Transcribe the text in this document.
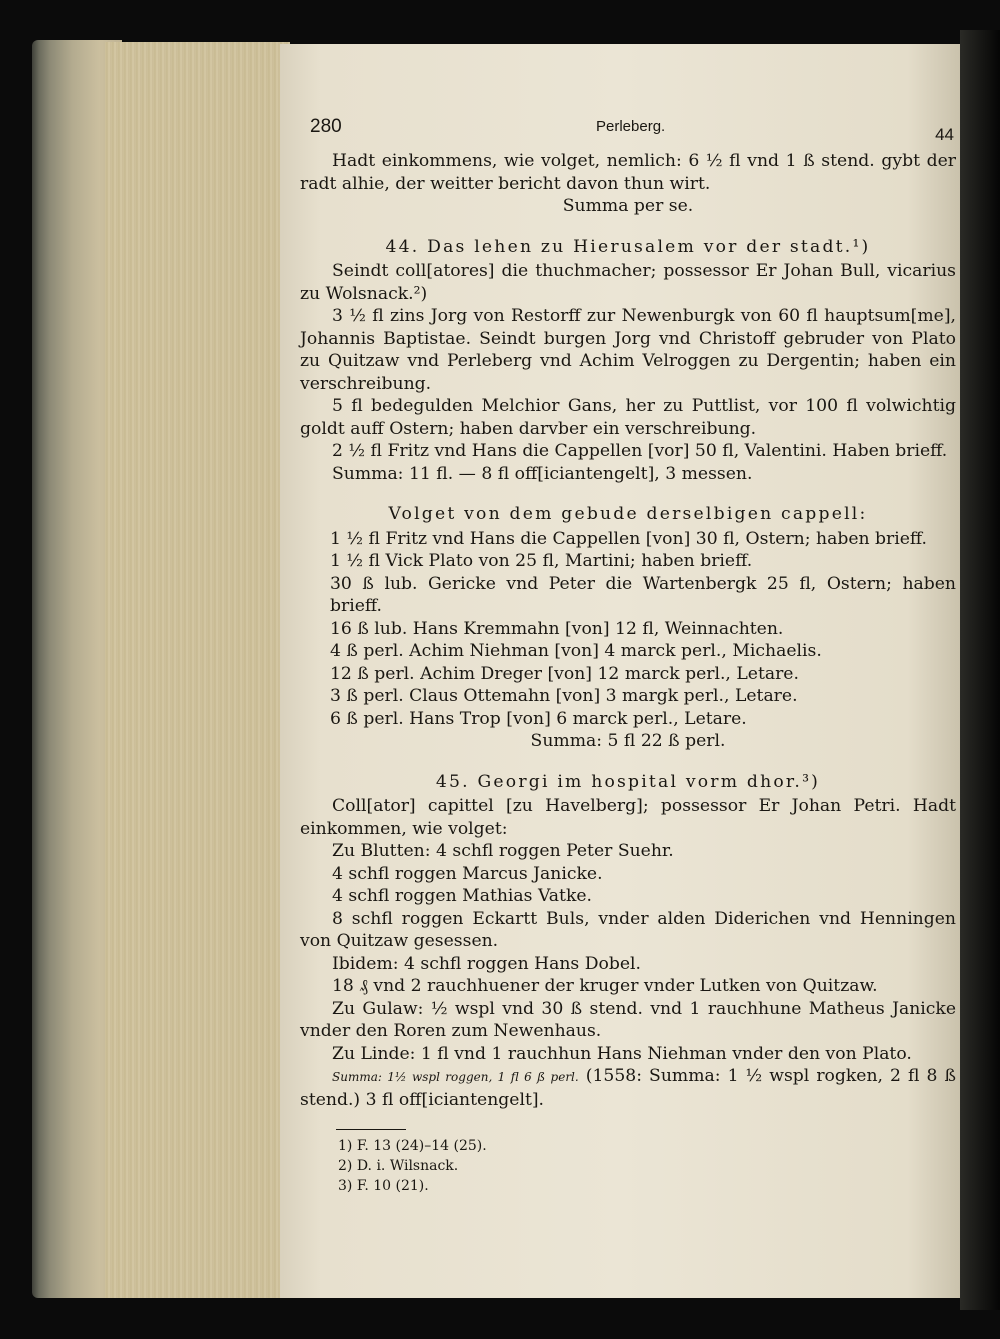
280	Perleberg.	44

Hadt einkommens, wie volget, nemlich: 6 ½ fl vnd 1 ß stend. gybt der radt alhie, der weitter bericht davon thun wirt.

Summa per se.

44. Das lehen zu Hierusalem vor der stadt.¹)

Seindt coll[atores] die thuchmacher; possessor Er Johan Bull, vicarius zu Wolsnack.²)

3 ½ fl zins Jorg von Restorff zur Newenburgk von 60 fl hauptsum[me], Johannis Baptistae. Seindt burgen Jorg vnd Christoff gebruder von Plato zu Quitzaw vnd Perleberg vnd Achim Velroggen zu Dergentin; haben ein verschreibung.

5 fl bedegulden Melchior Gans, her zu Puttlist, vor 100 fl volwichtig goldt auff Ostern; haben darvber ein verschreibung.

2 ½ fl Fritz vnd Hans die Cappellen [vor] 50 fl, Valentini. Haben brieff.

Summa: 11 fl. — 8 fl off[iciantengelt], 3 messen.

Volget von dem gebude derselbigen cappell:

1 ½ fl Fritz vnd Hans die Cappellen [von] 30 fl, Ostern; haben brieff.

1 ½ fl Vick Plato von 25 fl, Martini; haben brieff.

30 ß lub. Gericke vnd Peter die Wartenbergk 25 fl, Ostern; haben brieff.

16 ß lub. Hans Kremmahn [von] 12 fl, Weinnachten.

4 ß perl. Achim Niehman [von] 4 marck perl., Michaelis.

12 ß perl. Achim Dreger [von] 12 marck perl., Letare.

3 ß perl. Claus Ottemahn [von] 3 margk perl., Letare.

6 ß perl. Hans Trop [von] 6 marck perl., Letare.

Summa: 5 fl 22 ß perl.

45. Georgi im hospital vorm dhor.³)

Coll[ator] capittel [zu Havelberg]; possessor Er Johan Petri. Hadt einkommen, wie volget:

Zu Blutten: 4 schfl roggen Peter Suehr.

4 schfl roggen Marcus Janicke.

4 schfl roggen Mathias Vatke.

8 schfl roggen Eckartt Buls, vnder alden Diderichen vnd Henningen von Quitzaw gesessen.

Ibidem: 4 schfl roggen Hans Dobel.

18 ₰ vnd 2 rauchhuener der kruger vnder Lutken von Quitzaw.

Zu Gulaw: ½ wspl vnd 30 ß stend. vnd 1 rauchhune Matheus Janicke vnder den Roren zum Newenhaus.

Zu Linde: 1 fl vnd 1 rauchhun Hans Niehman vnder den von Plato.

Summa: 1½ wspl roggen, 1 fl 6 ß perl. (1558: Summa: 1 ½ wspl rogken, 2 fl 8 ß stend.) 3 fl off[iciantengelt].

1) F. 13 (24)–14 (25).
2) D. i. Wilsnack.
3) F. 10 (21).
